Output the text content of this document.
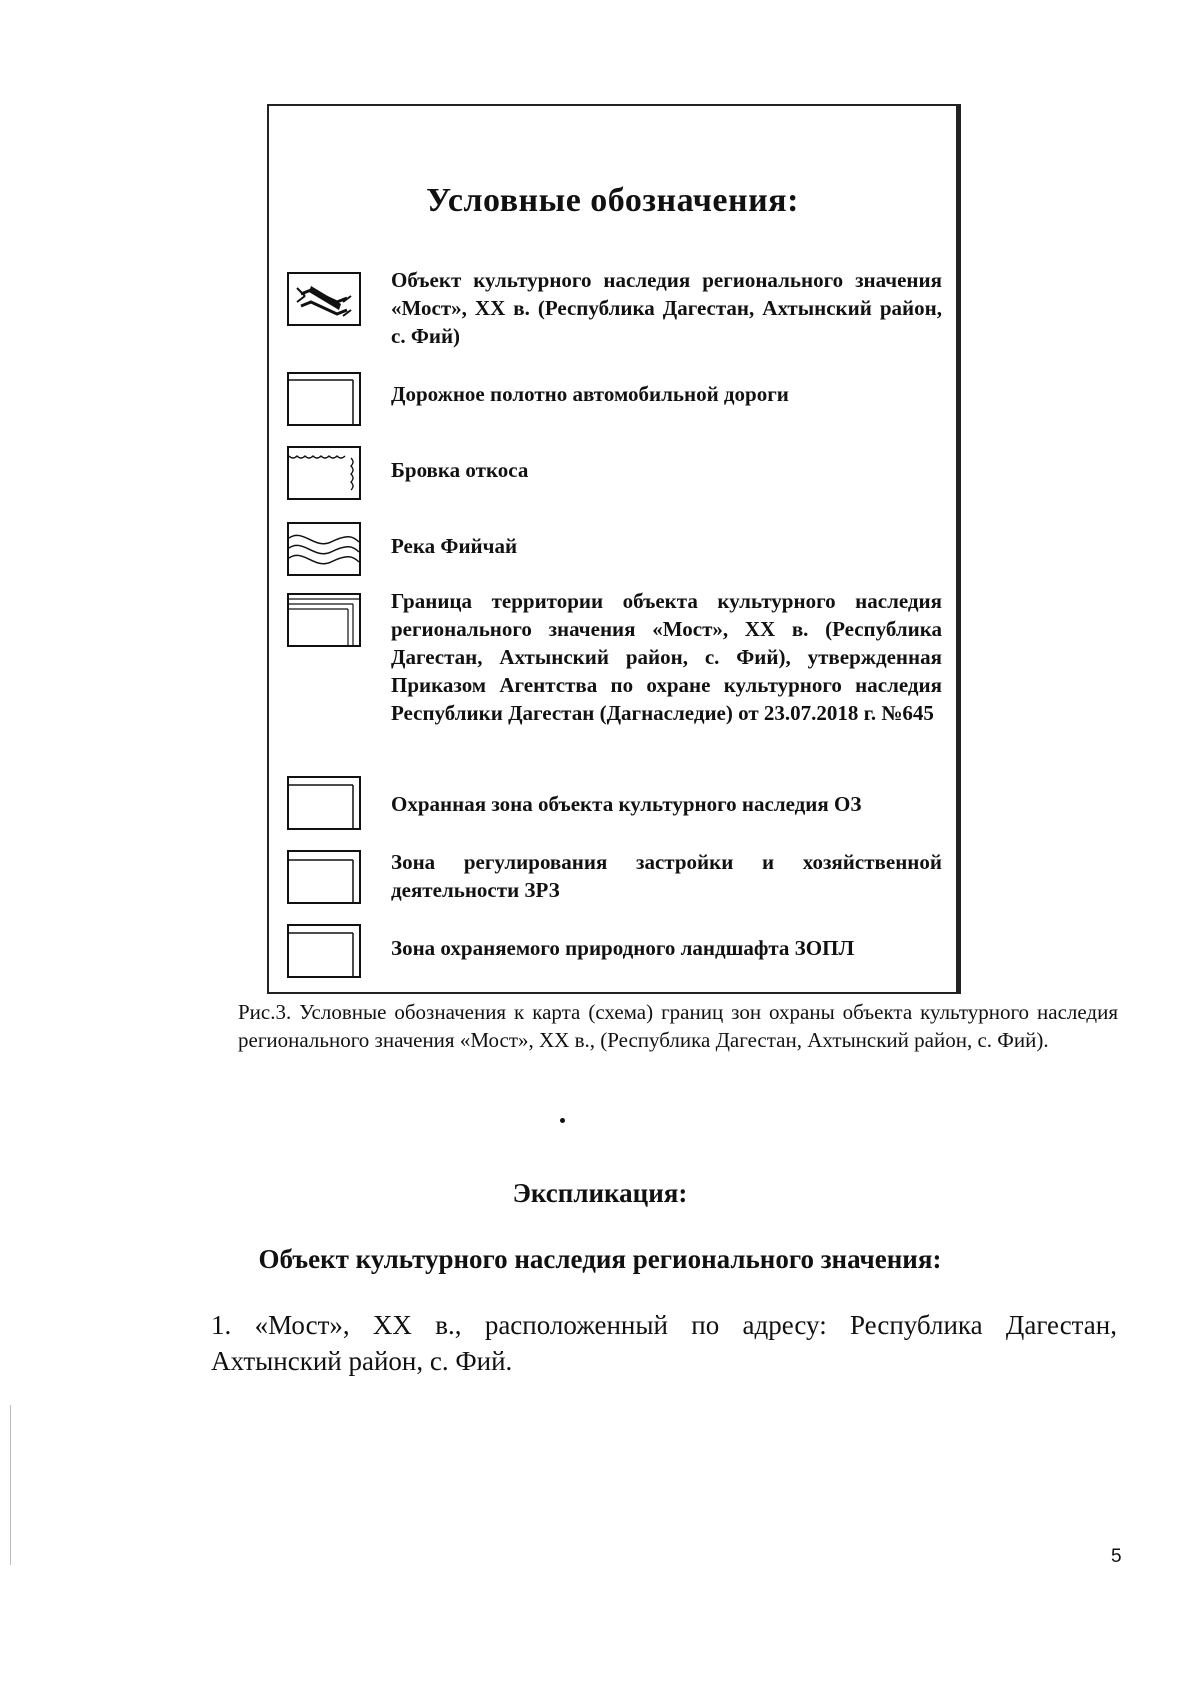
Условные обозначения:
Объект культурного наследия регионального значения «Мост», XX в. (Республика Дагестан, Ахтынский район, с. Фий)
Дорожное полотно автомобильной дороги
Бровка откоса
Река Фийчай
Граница территории объекта культурного наследия регионального значения «Мост», XX в. (Республика Дагестан, Ахтынский район, с. Фий), утвержденная Приказом Агентства по охране культурного наследия Республики Дагестан (Дагнаследие) от 23.07.2018 г. №645
Охранная зона объекта культурного наследия ОЗ
Зона регулирования застройки и хозяйственной деятельности ЗРЗ
Зона охраняемого природного ландшафта ЗОПЛ
Рис.3. Условные обозначения к карта (схема) границ зон охраны объекта культурного наследия регионального значения «Мост», XX в., (Республика Дагестан, Ахтынский район, с. Фий).
Экспликация:
Объект культурного наследия регионального значения:
1. «Мост», XX в., расположенный по адресу: Республика Дагестан, Ахтынский район, с. Фий.
5
